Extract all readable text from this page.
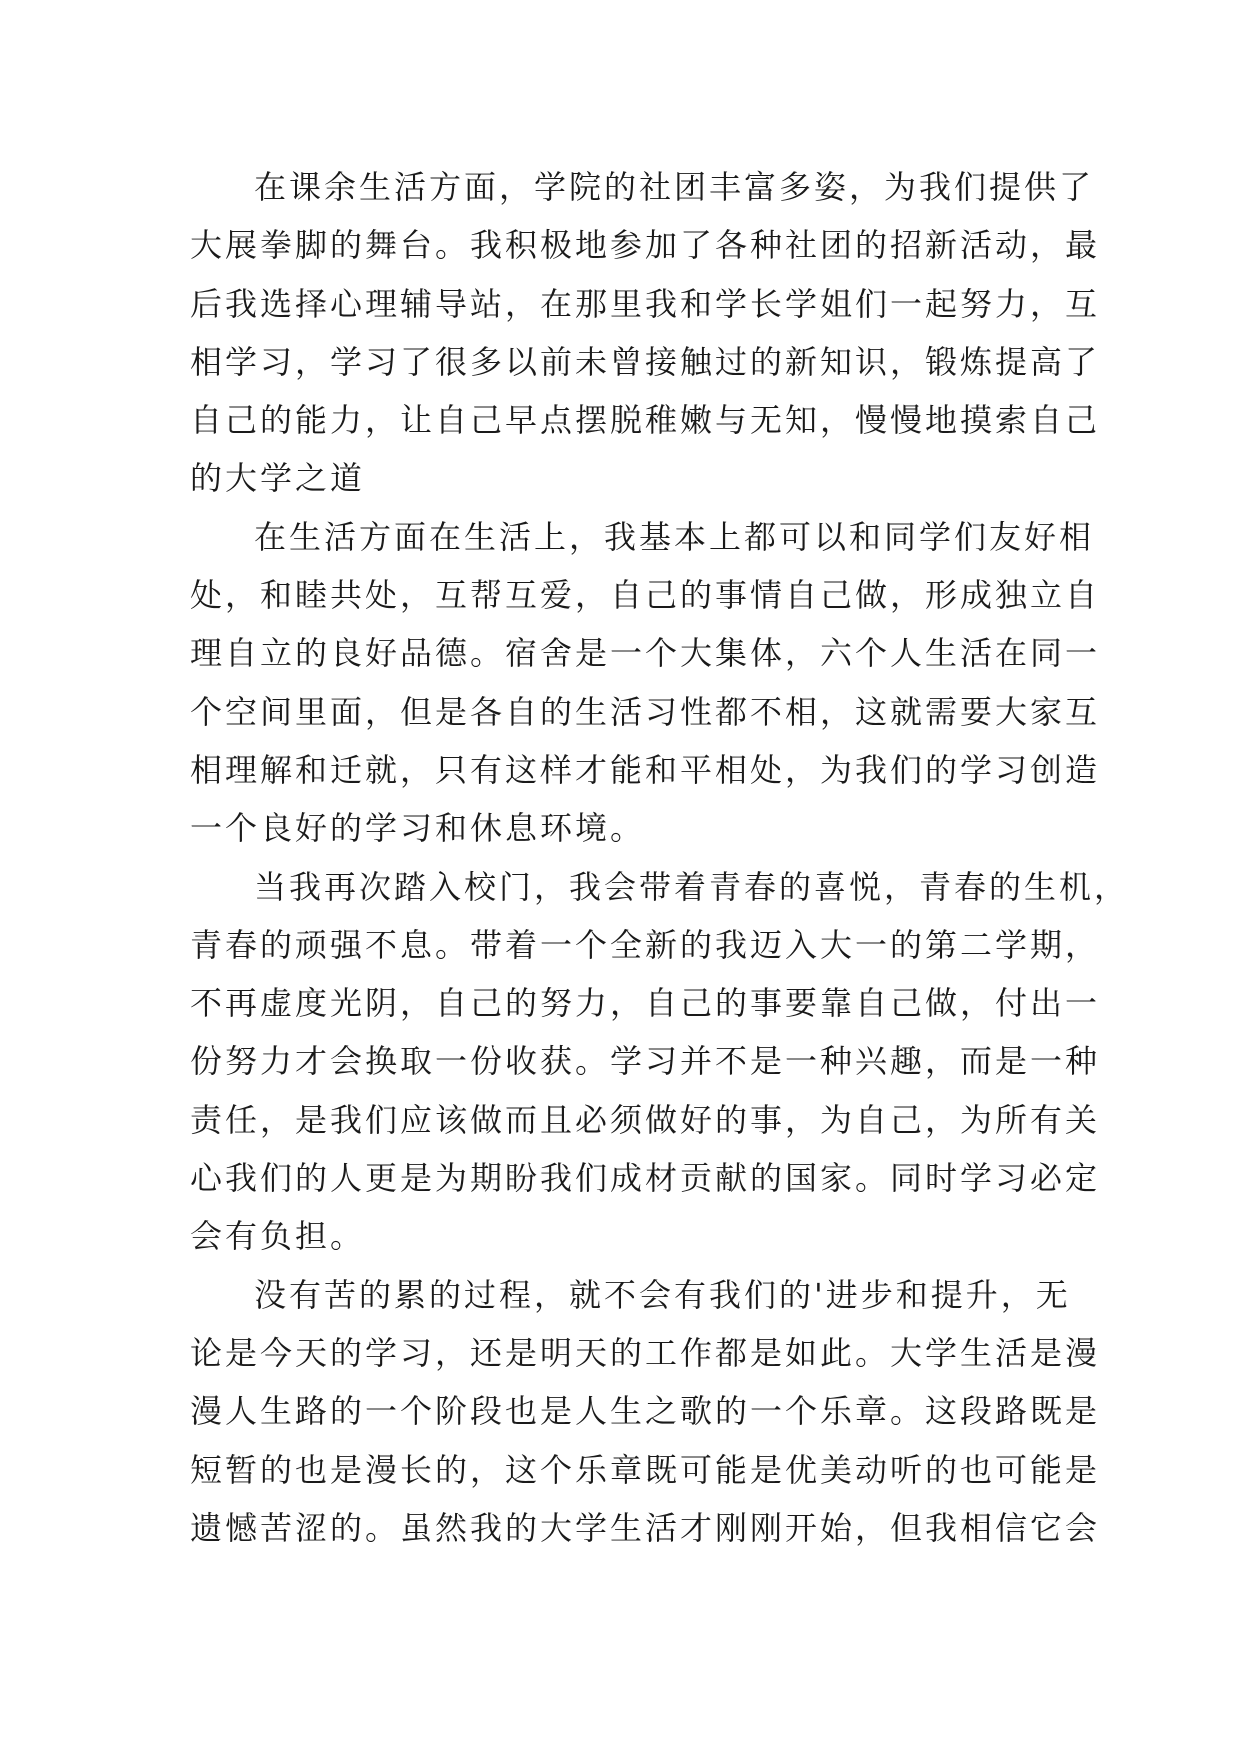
在课余生活方面，学院的社团丰富多姿，为我们提供了
大展拳脚的舞台。我积极地参加了各种社团的招新活动，最
后我选择心理辅导站，在那里我和学长学姐们一起努力，互
相学习，学习了很多以前未曾接触过的新知识，锻炼提高了
自己的能力，让自己早点摆脱稚嫩与无知，慢慢地摸索自己
的大学之道
在生活方面在生活上，我基本上都可以和同学们友好相
处，和睦共处，互帮互爱，自己的事情自己做，形成独立自
理自立的良好品德。宿舍是一个大集体，六个人生活在同一
个空间里面，但是各自的生活习性都不相，这就需要大家互
相理解和迁就，只有这样才能和平相处，为我们的学习创造
一个良好的学习和休息环境。
当我再次踏入校门，我会带着青春的喜悦，青春的生机，
青春的顽强不息。带着一个全新的我迈入大一的第二学期，
不再虚度光阴，自己的努力，自己的事要靠自己做，付出一
份努力才会换取一份收获。学习并不是一种兴趣，而是一种
责任，是我们应该做而且必须做好的事，为自己，为所有关
心我们的人更是为期盼我们成材贡献的国家。同时学习必定
会有负担。
没有苦的累的过程，就不会有我们的'进步和提升，无
论是今天的学习，还是明天的工作都是如此。大学生活是漫
漫人生路的一个阶段也是人生之歌的一个乐章。这段路既是
短暂的也是漫长的，这个乐章既可能是优美动听的也可能是
遗憾苦涩的。虽然我的大学生活才刚刚开始，但我相信它会
